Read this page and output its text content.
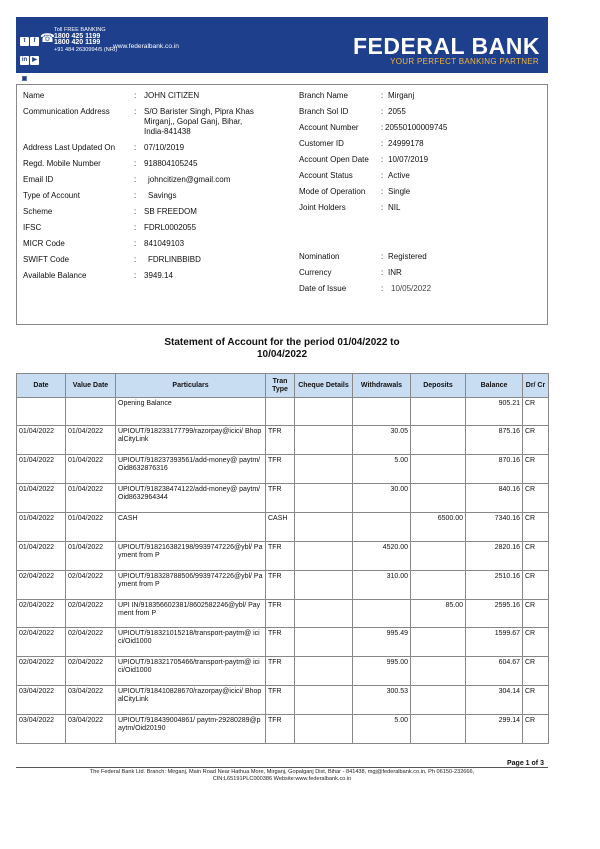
t f in ▶ ▣
☎
Toll FREE BANKING
1800 425 1199
1800 420 1199
+91 484 2630994/5 (NRI)
www.federalbank.co.in	FEDERAL BANK
YOUR PERFECT BANKING PARTNER
Name	: JOHN CITIZEN
Communication Address	: S/O Barister Singh, Pipra Khas
Mirganj,, Gopal Ganj, Bihar,
India-841438
Address Last Updated On : 07/10/2019
Regd. Mobile Number	: 918804105245
Email ID	: johncitizen@gmail.com
Type of Account	: Savings
Scheme	: SB FREEDOM
IFSC	: FDRL0002055
MICR Code	: 841049103
SWIFT Code	: FDRLINBBIBD
Available Balance	: 3949.14
Branch Name	: Mirganj
Branch Sol ID	: 2055
Account Number	: 20550100009745
Customer ID	: 24999178
Account Open Date : 10/07/2019
Account Status	: Active
Mode of Operation : Single
Joint Holders	: NIL
Nomination	: Registered
Currency	: INR
Date of Issue	: 10/05/2022
Statement of Account for the period 01/04/2022 to
10/04/2022
Date	Value Date	Particulars	Tran Type	Cheque Details	Withdrawals	Deposits	Balance	Dr/ Cr
		Opening Balance					905.21	CR
01/04/2022	01/04/2022	UPIOUT/918233177799/razorpay@icici/ BhopalCityLink	TFR		30.05		875.16	CR
01/04/2022	01/04/2022	UPIOUT/918237393561/add-money@ paytm/Oid8632876316	TFR		5.00		870.16	CR
01/04/2022	01/04/2022	UPIOUT/918238474122/add-money@ paytm/Oid8632964344	TFR		30.00		840.16	CR
01/04/2022	01/04/2022	CASH	CASH			6500.00	7340.16	CR
01/04/2022	01/04/2022	UPIOUT/918216382198/9939747226@ybl/ Payment from P	TFR		4520.00		2820.16	CR
02/04/2022	02/04/2022	UPIOUT/918328788506/9939747226@ybl/ Payment from P	TFR		310.00		2510.16	CR
02/04/2022	02/04/2022	UPI IN/918356602381/8602582246@ybl/ Payment from P	TFR			85.00	2595.16	CR
02/04/2022	02/04/2022	UPIOUT/918321015218/transport-paytm@ icici/Oid1000	TFR		995.49		1599.67	CR
02/04/2022	02/04/2022	UPIOUT/918321705466/transport-paytm@ icici/Oid1000	TFR		995.00		604.67	CR
03/04/2022	03/04/2022	UPIOUT/918410828670/razorpay@icici/ BhopalCityLink	TFR		300.53		304.14	CR
03/04/2022	03/04/2022	UPIOUT/918439004861/ paytm-29280289@paytm/Oid20190	TFR		5.00		299.14	CR
Page 1 of 3
The Federal Bank Ltd. Branch: Mirganj, Main Road Near Hathua More, Mirganj, Gopalganj Dist, Bihar - 841438, mgj@federalbank.co.in, Ph 06150-232666,
CIN:L65191PLC000386 Website:www.federalbank.co.in
